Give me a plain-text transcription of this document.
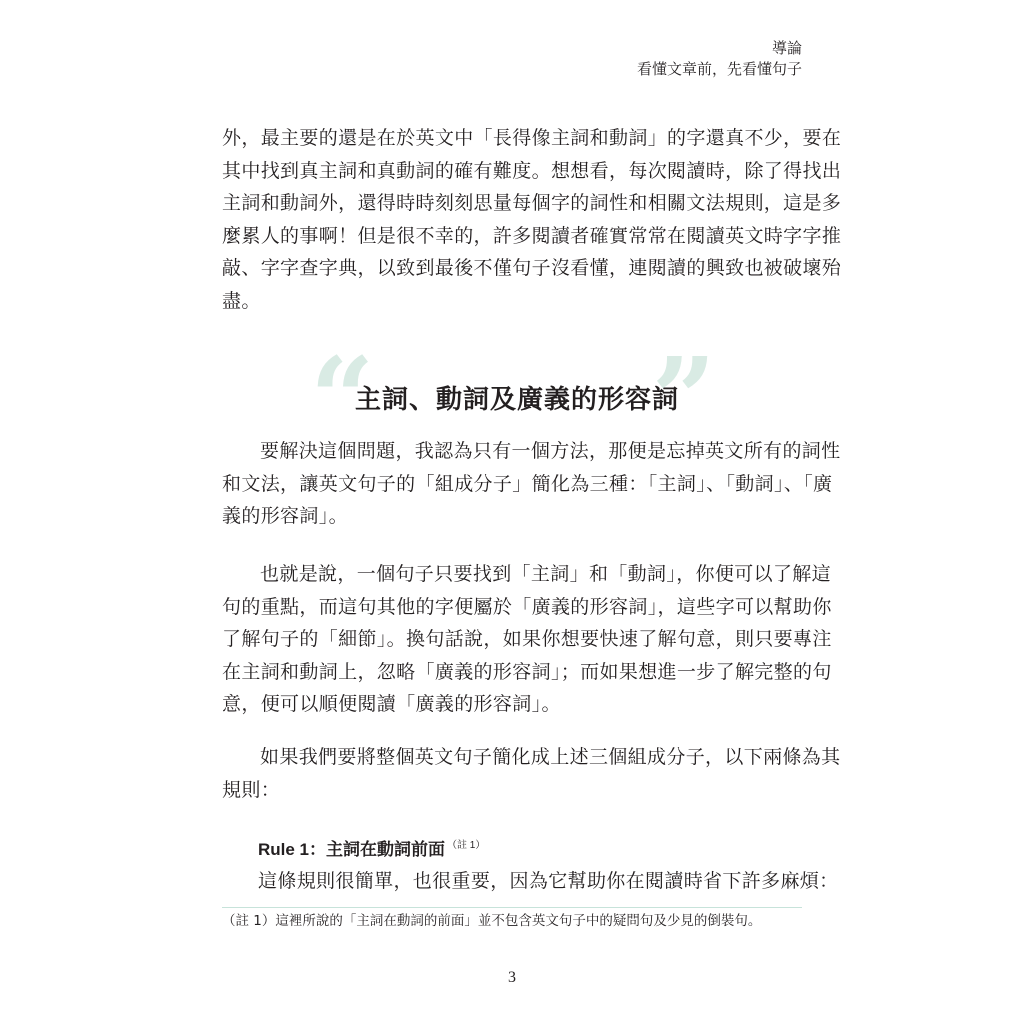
導論
看懂文章前，先看懂句子

外，最主要的還是在於英文中「長得像主詞和動詞」的字還真不少，要在
其中找到真主詞和真動詞的確有難度。想想看，每次閱讀時，除了得找出
主詞和動詞外，還得時時刻刻思量每個字的詞性和相關文法規則，這是多
麼累人的事啊！但是很不幸的，許多閱讀者確實常常在閱讀英文時字字推
敲、字字查字典，以致到最後不僅句子沒看懂，連閱讀的興致也被破壞殆
盡。

“
主詞、動詞及廣義的形容詞
”

要解決這個問題，我認為只有一個方法，那便是忘掉英文所有的詞性
和文法，讓英文句子的「組成分子」簡化為三種：「主詞」、「動詞」、「廣
義的形容詞」。

也就是說，一個句子只要找到「主詞」和「動詞」，你便可以了解這
句的重點，而這句其他的字便屬於「廣義的形容詞」，這些字可以幫助你
了解句子的「細節」。換句話說，如果你想要快速了解句意，則只要專注
在主詞和動詞上，忽略「廣義的形容詞」；而如果想進一步了解完整的句
意，便可以順便閱讀「廣義的形容詞」。

如果我們要將整個英文句子簡化成上述三個組成分子，以下兩條為其
規則：

Rule 1：主詞在動詞前面 $^{(註 1)}$
這條規則很簡單，也很重要，因為它幫助你在閱讀時省下許多麻煩：
（註 1）這裡所說的「主詞在動詞的前面」並不包含英文句子中的疑問句及少見的倒裝句。
3
